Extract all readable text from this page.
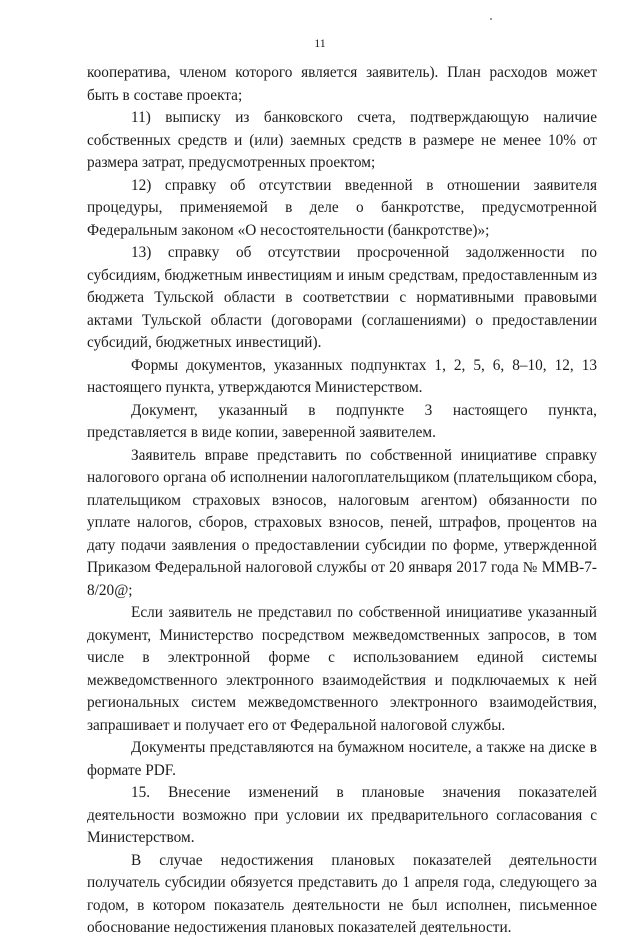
11

кооператива, членом которого является заявитель). План расходов может быть в составе проекта;

11) выписку из банковского счета, подтверждающую наличие собственных средств и (или) заемных средств в размере не менее 10% от размера затрат, предусмотренных проектом;

12) справку об отсутствии введенной в отношении заявителя процедуры, применяемой в деле о банкротстве, предусмотренной Федеральным законом «О несостоятельности (банкротстве)»;

13) справку об отсутствии просроченной задолженности по субсидиям, бюджетным инвестициям и иным средствам, предоставленным из бюджета Тульской области в соответствии с нормативными правовыми актами Тульской области (договорами (соглашениями) о предоставлении субсидий, бюджетных инвестиций).

Формы документов, указанных подпунктах 1, 2, 5, 6, 8–10, 12, 13 настоящего пункта, утверждаются Министерством.

Документ, указанный в подпункте 3 настоящего пункта, представляется в виде копии, заверенной заявителем.

Заявитель вправе представить по собственной инициативе справку налогового органа об исполнении налогоплательщиком (плательщиком сбора, плательщиком страховых взносов, налоговым агентом) обязанности по уплате налогов, сборов, страховых взносов, пеней, штрафов, процентов на дату подачи заявления о предоставлении субсидии по форме, утвержденной Приказом Федеральной налоговой службы от 20 января 2017 года № ММВ-7-8/20@;

Если заявитель не представил по собственной инициативе указанный документ, Министерство посредством межведомственных запросов, в том числе в электронной форме с использованием единой системы межведомственного электронного взаимодействия и подключаемых к ней региональных систем межведомственного электронного взаимодействия, запрашивает и получает его от Федеральной налоговой службы.

Документы представляются на бумажном носителе, а также на диске в формате PDF.

15. Внесение изменений в плановые значения показателей деятельности возможно при условии их предварительного согласования с Министерством.

В случае недостижения плановых показателей деятельности получатель субсидии обязуется представить до 1 апреля года, следующего за годом, в котором показатель деятельности не был исполнен, письменное обоснование недостижения плановых показателей деятельности.
